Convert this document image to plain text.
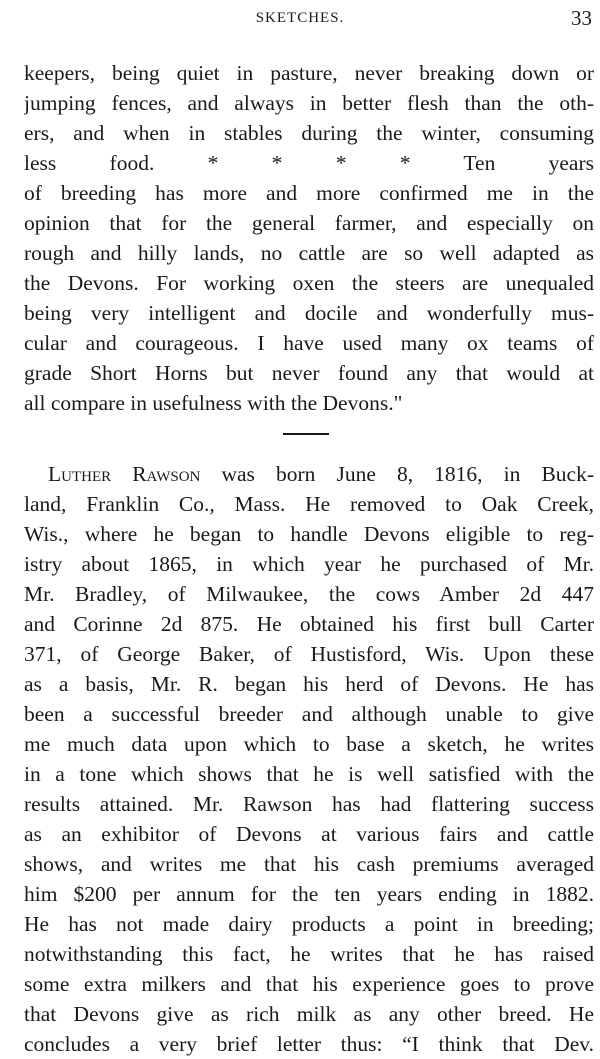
SKETCHES.	33
keepers, being quiet in pasture, never breaking down or
jumping fences, and always in better flesh than the oth-
ers, and when in stables during the winter, consuming
less food. * * * * Ten years
of breeding has more and more confirmed me in the
opinion that for the general farmer, and especially on
rough and hilly lands, no cattle are so well adapted as
the Devons. For working oxen the steers are unequaled
being very intelligent and docile and wonderfully mus-
cular and courageous. I have used many ox teams of
grade Short Horns but never found any that would at
all compare in usefulness with the Devons."
Luther Rawson was born June 8, 1816, in Buck-
land, Franklin Co., Mass. He removed to Oak Creek,
Wis., where he began to handle Devons eligible to reg-
istry about 1865, in which year he purchased of Mr.
Mr. Bradley, of Milwaukee, the cows Amber 2d 447
and Corinne 2d 875. He obtained his first bull Carter
371, of George Baker, of Hustisford, Wis. Upon these
as a basis, Mr. R. began his herd of Devons. He has
been a successful breeder and although unable to give
me much data upon which to base a sketch, he writes
in a tone which shows that he is well satisfied with the
results attained. Mr. Rawson has had flattering success
as an exhibitor of Devons at various fairs and cattle
shows, and writes me that his cash premiums averaged
him $200 per annum for the ten years ending in 1882.
He has not made dairy products a point in breeding;
notwithstanding this fact, he writes that he has raised
some extra milkers and that his experience goes to prove
that Devons give as rich milk as any other breed. He
concludes a very brief letter thus: “I think that Dev.
